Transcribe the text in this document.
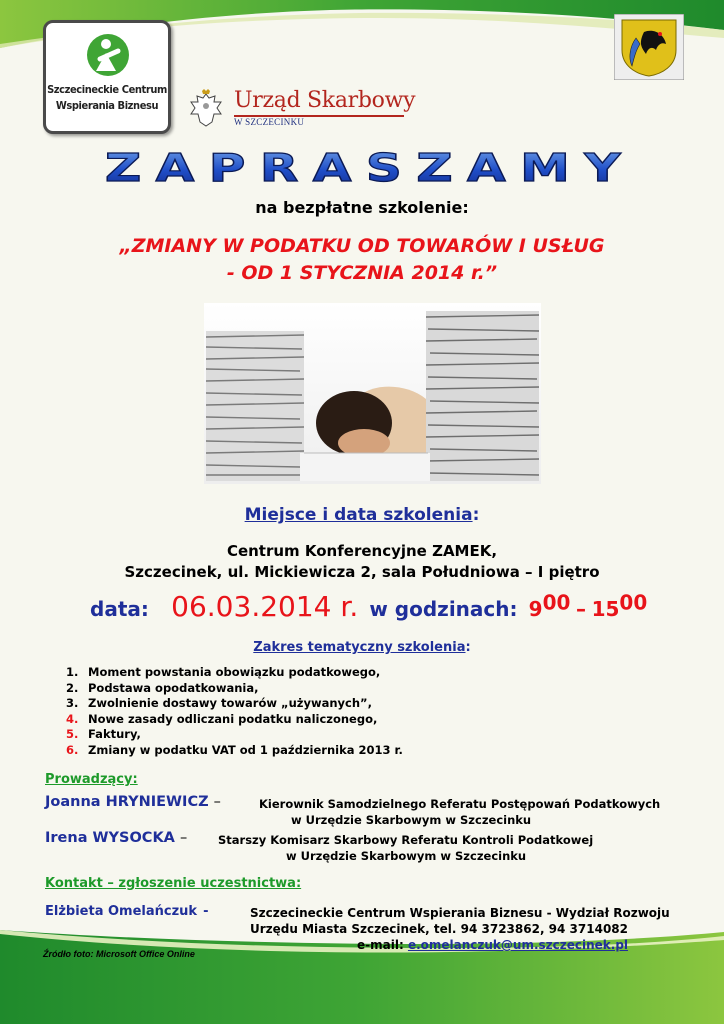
Szczecineckie Centrum
Wspierania Biznesu	Urząd Skarbowy
W SZCZECINKU
ZAPRASZAMY
na bezpłatne szkolenie:
„ZMIANY W PODATKU OD TOWARÓW I USŁUG
- OD 1 STYCZNIA 2014 r.”
Miejsce i data szkolenia:
Centrum Konferencyjne ZAMEK,
Szczecinek, ul. Mickiewicza 2, sala Południowa – I piętro
data: 06.03.2014 r. w godzinach: $9^{00} - 15^{00}$
Zakres tematyczny szkolenia:
1. Moment powstania obowiązku podatkowego,
2. Podstawa opodatkowania,
3. Zwolnienie dostawy towarów „używanych”,
4. Nowe zasady odliczani podatku naliczonego,
5. Faktury,
6. Zmiany w podatku VAT od 1 października 2013 r.
Prowadzący:
Joanna HRYNIEWICZ –	Kierownik Samodzielnego Referatu Postępowań Podatkowych
w Urzędzie Skarbowym w Szczecinku
Irena WYSOCKA –	Starszy Komisarz Skarbowy Referatu Kontroli Podatkowej
w Urzędzie Skarbowym w Szczecinku
Kontakt – zgłoszenie uczestnictwa:
Elżbieta Omelańczuk -	Szczecineckie Centrum Wspierania Biznesu - Wydział Rozwoju
Urzędu Miasta Szczecinek, tel. 94 3723862, 94 3714082
e-mail: e.omelanczuk@um.szczecinek.pl
Źródło foto: Microsoft Office Online
